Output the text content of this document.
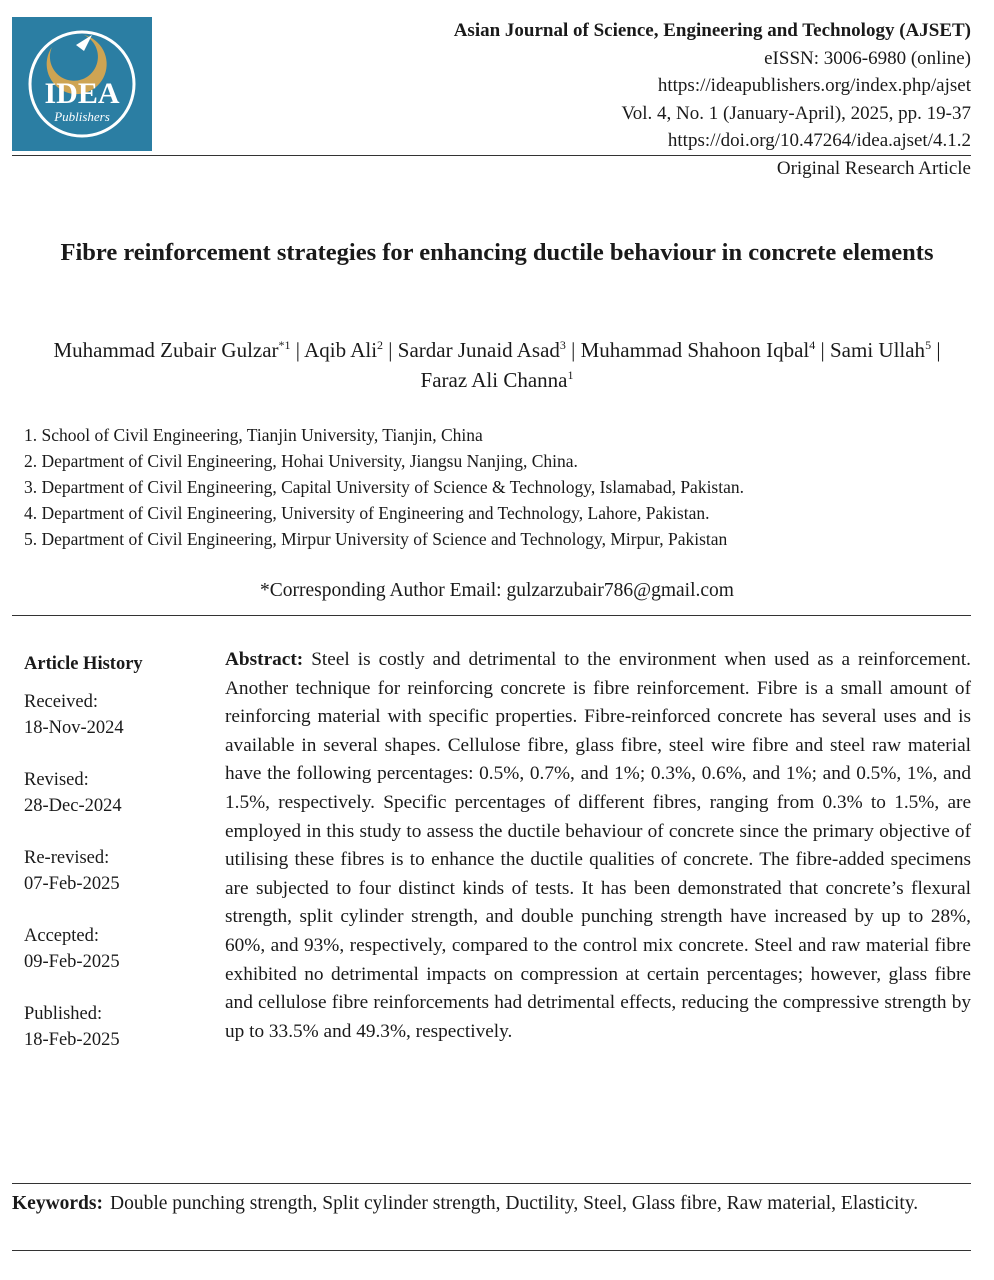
IDEA
Publishers
Asian Journal of Science, Engineering and Technology (AJSET)
eISSN: 3006-6980 (online)
https://ideapublishers.org/index.php/ajset
Vol. 4, No. 1 (January-April), 2025, pp. 19-37
https://doi.org/10.47264/idea.ajset/4.1.2
Original Research Article
Fibre reinforcement strategies for enhancing ductile behaviour in concrete elements
Muhammad Zubair Gulzar$^{*1}$ | Aqib Ali$^2$ | Sardar Junaid Asad$^3$ | Muhammad Shahoon Iqbal$^4$ | Sami Ullah$^5$ | Faraz Ali Channa$^1$
1. School of Civil Engineering, Tianjin University, Tianjin, China
2. Department of Civil Engineering, Hohai University, Jiangsu Nanjing, China.
3. Department of Civil Engineering, Capital University of Science & Technology, Islamabad, Pakistan.
4. Department of Civil Engineering, University of Engineering and Technology, Lahore, Pakistan.
5. Department of Civil Engineering, Mirpur University of Science and Technology, Mirpur, Pakistan
*Corresponding Author Email: gulzarzubair786@gmail.com
Article History
Received:
18-Nov-2024
Revised:
28-Dec-2024
Re-revised:
07-Feb-2025
Accepted:
09-Feb-2025
Published:
18-Feb-2025

Abstract: Steel is costly and detrimental to the environment when used as a reinforcement. Another technique for reinforcing concrete is fibre reinforcement. Fibre is a small amount of reinforcing material with specific properties. Fibre-reinforced concrete has several uses and is available in several shapes. Cellulose fibre, glass fibre, steel wire fibre and steel raw material have the following percentages: 0.5%, 0.7%, and 1%; 0.3%, 0.6%, and 1%; and 0.5%, 1%, and 1.5%, respectively. Specific percentages of different fibres, ranging from 0.3% to 1.5%, are employed in this study to assess the ductile behaviour of concrete since the primary objective of utilising these fibres is to enhance the ductile qualities of concrete. The fibre-added specimens are subjected to four distinct kinds of tests. It has been demonstrated that concrete’s flexural strength, split cylinder strength, and double punching strength have increased by up to 28%, 60%, and 93%, respectively, compared to the control mix concrete. Steel and raw material fibre exhibited no detrimental impacts on compression at certain percentages; however, glass fibre and cellulose fibre reinforcements had detrimental effects, reducing the compressive strength by up to 33.5% and 49.3%, respectively.

Keywords: Double punching strength, Split cylinder strength, Ductility, Steel, Glass fibre, Raw material, Elasticity.
